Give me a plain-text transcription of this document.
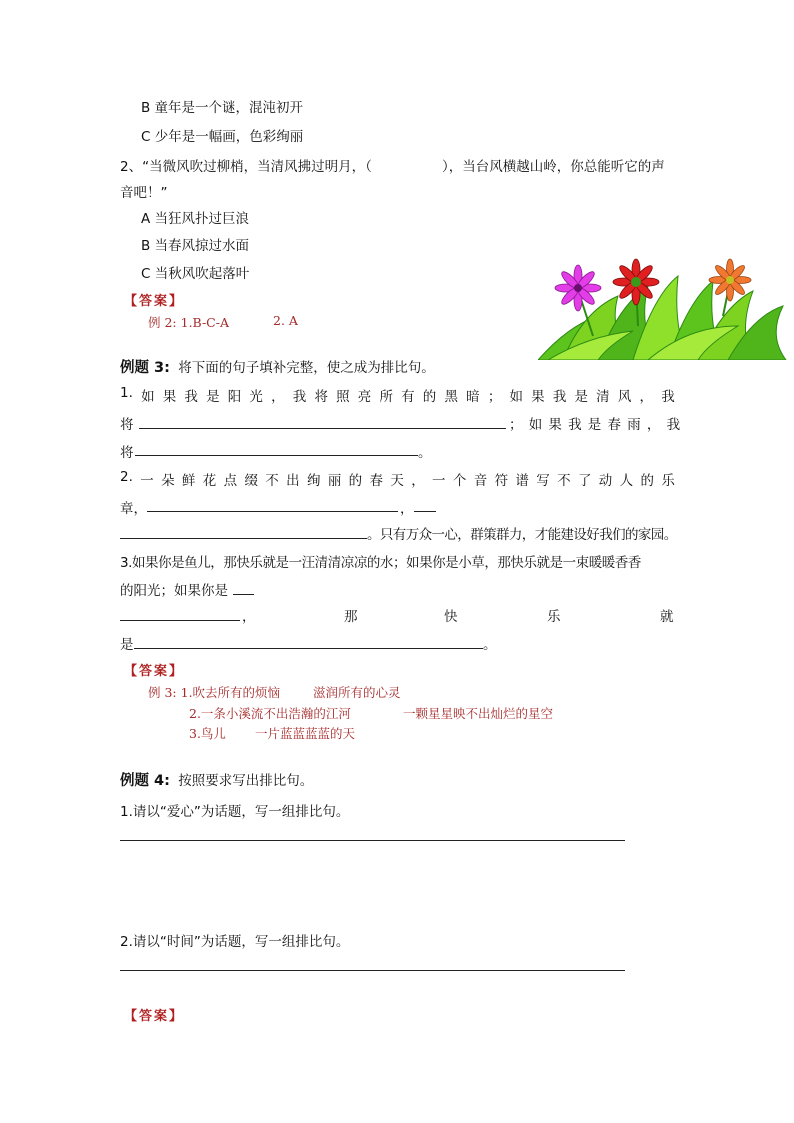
B 童年是一个谜，混沌初开
C 少年是一幅画，色彩绚丽
2、“当微风吹过柳梢，当清风拂过明月，（	），当台风横越山岭，你总能听它的声
音吧！”
A 当狂风扑过巨浪
B 当春风掠过水面
C 当秋风吹起落叶
【答案】
例 2: 1.B-C-A	2. A
例题 3: 将下面的句子填补完整，使之成为排比句。
1. 如 果 我 是 阳 光 ， 我 将 照 亮 所 有 的 黑 暗 ； 如 果 我 是 清 风 ， 我
将	；如果我是春雨，我
将	。
2. 一 朵 鲜 花 点 缀 不 出 绚 丽 的 春 天 ， 一 个 音 符 谱 写 不 了 动 人 的 乐
章，	，
。只有万众一心，群策群力，才能建设好我们的家园。
3.如果你是鱼儿，那快乐就是一汪清清凉凉的水；如果你是小草，那快乐就是一束暖暖香香
的阳光；如果你是
，	那	快	乐	就
是	。
【答案】
例 3: 1.吹去所有的烦恼	滋润所有的心灵
2.一条小溪流不出浩瀚的江河	一颗星星映不出灿烂的星空
3.鸟儿 一片蓝蓝蓝蓝的天
例题 4: 按照要求写出排比句。
1.请以“爱心”为话题，写一组排比句。
2.请以“时间”为话题，写一组排比句。
【答案】
